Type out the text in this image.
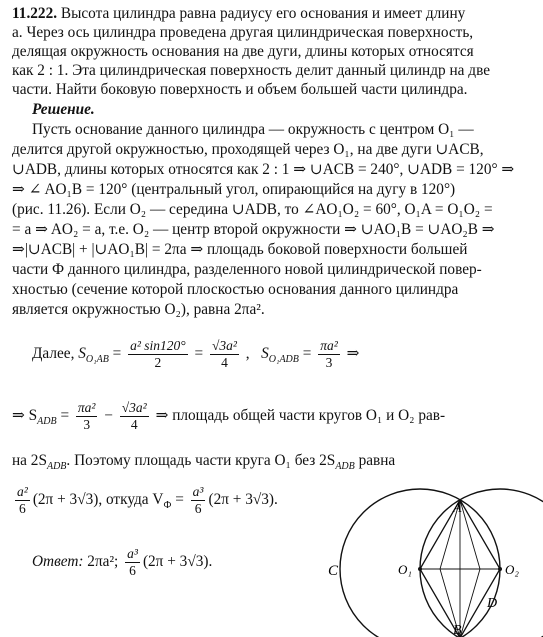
11.222. Высота цилиндра равна радиусу его основания и имеет длину
a. Через ось цилиндра проведена другая цилиндрическая поверхность,
делящая окружность основания на две дуги, длины которых относятся
как 2 : 1. Эта цилиндрическая поверхность делит данный цилиндр на две
части. Найти боковую поверхность и объем большей части цилиндра.
Решение.
Пусть основание данного цилиндра — окружность с центром O₁ —
делится другой окружностью, проходящей через O₁, на две дуги ∪ACB,
∪ADB, длины которых относятся как 2 : 1 ⇒ ∪ACB = 240°, ∪ADB = 120° ⇒
⇒ ∠ AO₁B = 120° (центральный угол, опирающийся на дугу в 120°)
(рис. 11.26). Если O₂ — середина ∪ADB, то ∠AO₁O₂ = 60°, O₁A = O₁O₂ =
= a ⇒ AO₂ = a, т.е. O₂ — центр второй окружности ⇒ ∪AO₁B = ∪AO₂B ⇒
⇒|∪ACB| + |∪AO₁B| = 2πa ⇒ площадь боковой поверхности большей
части Ф данного цилиндра, разделенного новой цилиндрической повер-
хностью (сечение которой плоскостью основания данного цилиндра
является окружностью O₂), равна 2πa².
Далее, $S_{O_1AB} = \frac{\text{a² sin120°}}{2} = \frac{\text{√3a²}}{4}$ , $S_{O_1ADB} = \frac{\text{πa²}}{3}$ ⇒
⇒ $S_{ADB} = \frac{\text{πa²}}{3} - \frac{\text{√3a²}}{4}$ ⇒ площадь общей части кругов O₁ и O₂ рав-
на $2S_{ADB}$. Поэтому площадь части круга O₁ без $2S_{ADB}$ равна
$\frac{\text{a²}}{6} (2\pi + 3√3)$, откуда $V_Ф = \frac{\text{a³}}{6} (2\pi + 3√3)$.
Ответ: 2πa²; $\frac{\text{a³}}{6} (2\pi + 3√3)$.
A
B
C
D
O₁	O₂
